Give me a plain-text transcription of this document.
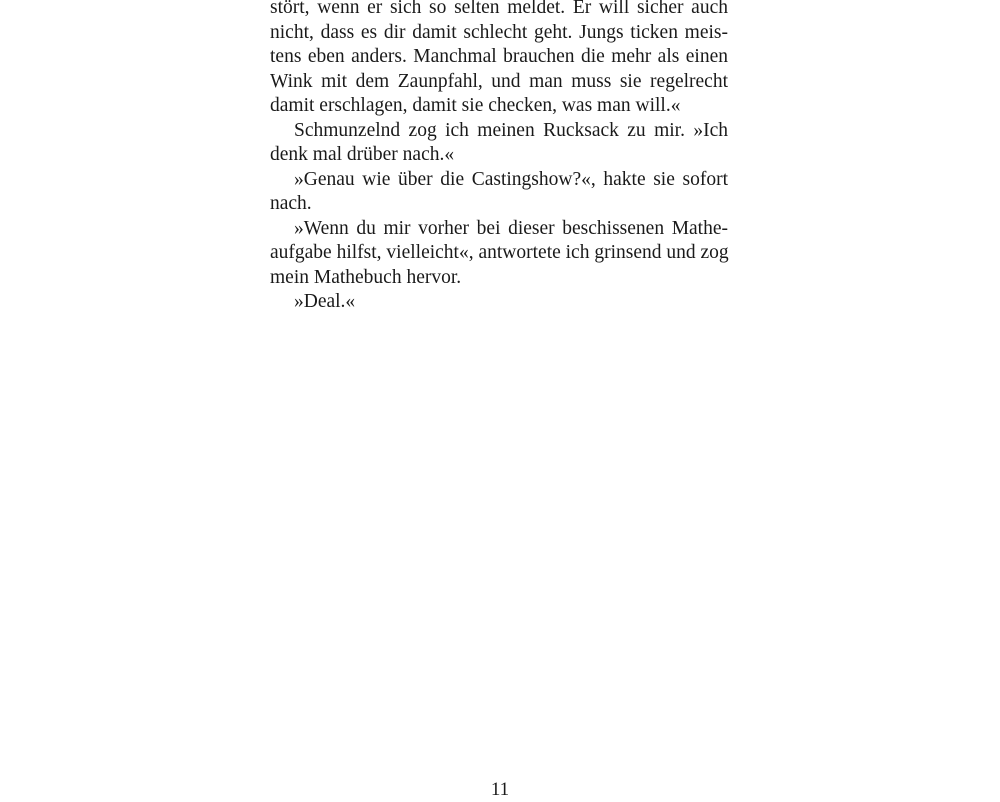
stört, wenn er sich so selten meldet. Er will sicher auch
nicht, dass es dir damit schlecht geht. Jungs ticken meis-
tens eben anders. Manchmal brauchen die mehr als einen
Wink mit dem Zaunpfahl, und man muss sie regelrecht
damit erschlagen, damit sie checken, was man will.«
Schmunzelnd zog ich meinen Rucksack zu mir. »Ich
denk mal drüber nach.«
»Genau wie über die Castingshow?«, hakte sie sofort
nach.
»Wenn du mir vorher bei dieser beschissenen Mathe-
aufgabe hilfst, vielleicht«, antwortete ich grinsend und zog
mein Mathebuch hervor.
»Deal.«
11
